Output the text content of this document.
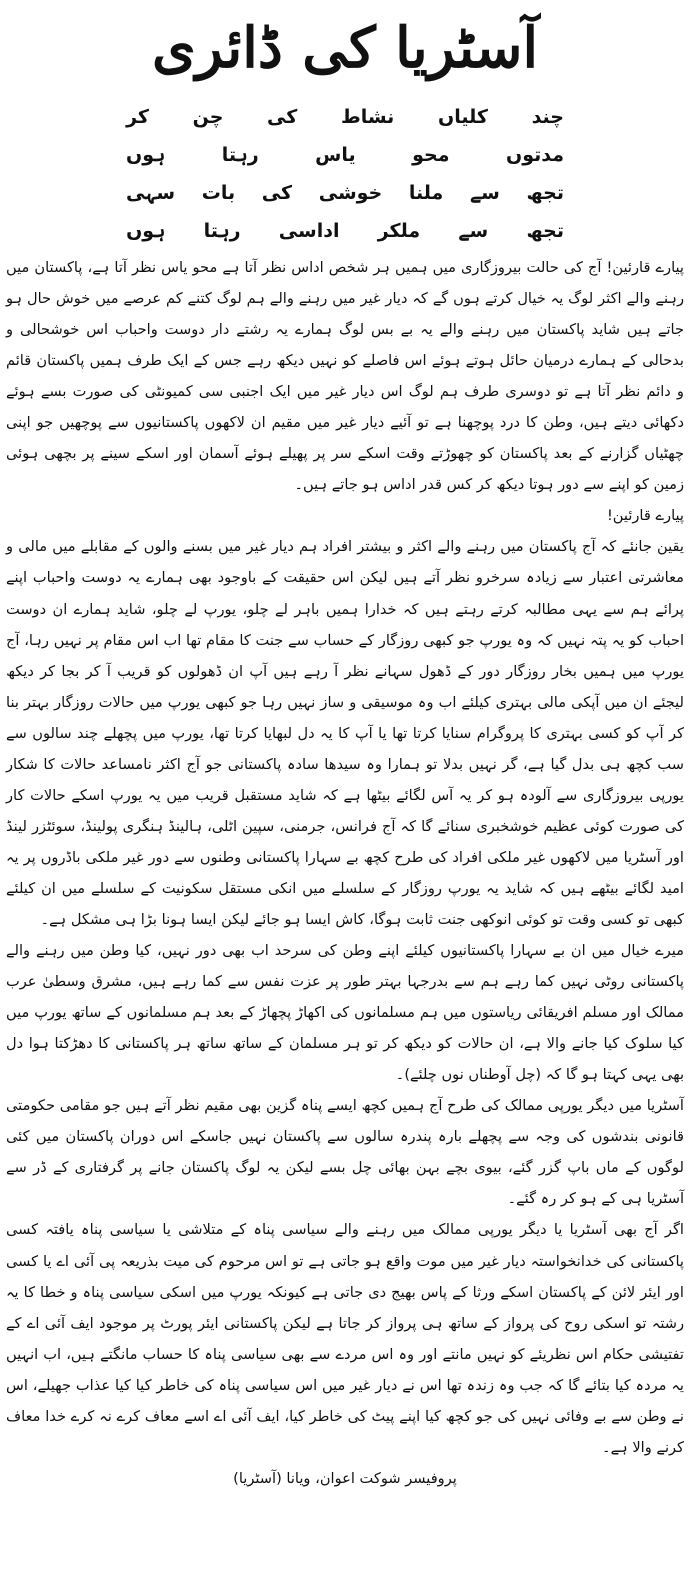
آسٹریا کی ڈائری
چند
کلیاں
نشاط
کی
چن
کر
مدتوں
محو
یاس
رہتا
ہوں
تجھ
سے
ملنا
خوشی
کی
بات
سہی
تجھ
سے
ملکر
اداسی
رہتا
ہوں

پیارے قارئین! آج کی حالت بیروزگاری میں ہمیں ہر شخص اداس نظر آتا ہے محو یاس نظر آتا ہے، پاکستان میں رہنے والے اکثر لوگ یہ خیال کرتے ہوں گے کہ دیار غیر میں رہنے والے ہم لوگ کتنے کم عرصے میں خوش حال ہو جاتے ہیں شاید پاکستان میں رہنے والے یہ بے بس لوگ ہمارے یہ رشتے دار دوست واحباب اس خوشحالی و بدحالی کے ہمارے درمیان حائل ہوتے ہوئے اس فاصلے کو نہیں دیکھ رہے جس کے ایک طرف ہمیں پاکستان قائم و دائم نظر آتا ہے تو دوسری طرف ہم لوگ اس دیار غیر میں ایک اجنبی سی کمیونٹی کی صورت بسے ہوئے دکھائی دیتے ہیں، وطن کا درد پوچھنا ہے تو آئیے دیار غیر میں مقیم ان لاکھوں پاکستانیوں سے پوچھیں جو اپنی چھٹیاں گزارنے کے بعد پاکستان کو چھوڑتے وقت اسکے سر پر پھیلے ہوئے آسمان اور اسکے سینے پر بچھی ہوئی زمین کو اپنے سے دور ہوتا دیکھ کر کس قدر اداس ہو جاتے ہیں۔

پیارے قارئین!

یقین جانئے کہ آج پاکستان میں رہنے والے اکثر و بیشتر افراد ہم دیار غیر میں بسنے والوں کے مقابلے میں مالی و معاشرتی اعتبار سے زیادہ سرخرو نظر آتے ہیں لیکن اس حقیقت کے باوجود بھی ہمارے یہ دوست واحباب اپنے پرائے ہم سے یہی مطالبہ کرتے رہتے ہیں کہ خدارا ہمیں باہر لے چلو، یورپ لے چلو، شاید ہمارے ان دوست احباب کو یہ پتہ نہیں کہ وہ یورپ جو کبھی روزگار کے حساب سے جنت کا مقام تھا اب اس مقام پر نہیں رہا، آج یورپ میں ہمیں بخار روزگار دور کے ڈھول سہانے نظر آ رہے ہیں آپ ان ڈھولوں کو قریب آ کر بجا کر دیکھ لیجئے ان میں آپکی مالی بہتری کیلئے اب وہ موسیقی و ساز نہیں رہا جو کبھی یورپ میں حالات روزگار بہتر بنا کر آپ کو کسی بہتری کا پروگرام سنایا کرتا تھا یا آپ کا یہ دل لبھایا کرتا تھا، یورپ میں پچھلے چند سالوں سے سب کچھ ہی بدل گیا ہے، گر نہیں بدلا تو ہمارا وہ سیدھا سادہ پاکستانی جو آج اکثر نامساعد حالات کا شکار یورپی بیروزگاری سے آلودہ ہو کر یہ آس لگائے بیٹھا ہے کہ شاید مستقبل قریب میں یہ یورپ اسکے حالات کار کی صورت کوئی عظیم خوشخبری سنائے گا کہ آج فرانس، جرمنی، سپین اٹلی، ہالینڈ ہنگری پولینڈ، سوئٹزر لینڈ اور آسٹریا میں لاکھوں غیر ملکی افراد کی طرح کچھ بے سہارا پاکستانی وطنوں سے دور غیر ملکی باڈروں پر یہ امید لگائے بیٹھے ہیں کہ شاید یہ یورپ روزگار کے سلسلے میں انکی مستقل سکونیت کے سلسلے میں ان کیلئے کبھی تو کسی وقت تو کوئی انوکھی جنت ثابت ہوگا، کاش ایسا ہو جائے لیکن ایسا ہونا بڑا ہی مشکل ہے۔

میرے خیال میں ان بے سہارا پاکستانیوں کیلئے اپنے وطن کی سرحد اب بھی دور نہیں، کیا وطن میں رہنے والے پاکستانی روٹی نہیں کما رہے ہم سے بدرجہا بہتر طور پر عزت نفس سے کما رہے ہیں، مشرق وسطیٰ عرب ممالک اور مسلم افریقائی ریاستوں میں ہم مسلمانوں کی اکھاڑ پچھاڑ کے بعد ہم مسلمانوں کے ساتھ یورپ میں کیا سلوک کیا جانے والا ہے، ان حالات کو دیکھ کر تو ہر مسلمان کے ساتھ ساتھ ہر پاکستانی کا دھڑکتا ہوا دل بھی یہی کہتا ہو گا کہ (چل آوطناں نوں چلئے)۔

آسٹریا میں دیگر یورپی ممالک کی طرح آج ہمیں کچھ ایسے پناہ گزین بھی مقیم نظر آتے ہیں جو مقامی حکومتی قانونی بندشوں کی وجہ سے پچھلے بارہ پندرہ سالوں سے پاکستان نہیں جاسکے اس دوران پاکستان میں کئی لوگوں کے ماں باپ گزر گئے، بیوی بچے بہن بھائی چل بسے لیکن یہ لوگ پاکستان جانے پر گرفتاری کے ڈر سے آسٹریا ہی کے ہو کر رہ گئے۔

اگر آج بھی آسٹریا یا دیگر یورپی ممالک میں رہنے والے سیاسی پناہ کے متلاشی یا سیاسی پناہ یافتہ کسی پاکستانی کی خدانخواستہ دیار غیر میں موت واقع ہو جاتی ہے تو اس مرحوم کی میت بذریعہ پی آئی اے یا کسی اور ایئر لائن کے پاکستان اسکے ورثا کے پاس بھیج دی جاتی ہے کیونکہ یورپ میں اسکی سیاسی پناہ و خطا کا یہ رشتہ تو اسکی روح کی پرواز کے ساتھ ہی پرواز کر جاتا ہے لیکن پاکستانی ایئر پورٹ پر موجود ایف آئی اے کے تفتیشی حکام اس نظریئے کو نہیں مانتے اور وہ اس مردے سے بھی سیاسی پناہ کا حساب مانگتے ہیں، اب انہیں یہ مردہ کیا بتائے گا کہ جب وہ زندہ تھا اس نے دیار غیر میں اس سیاسی پناہ کی خاطر کیا کیا عذاب جھیلے، اس نے وطن سے بے وفائی نہیں کی جو کچھ کیا اپنے پیٹ کی خاطر کیا، ایف آئی اے اسے معاف کرے نہ کرے خدا معاف کرنے والا ہے۔

پروفیسر شوکت اعوان، ویانا (آسٹریا)
